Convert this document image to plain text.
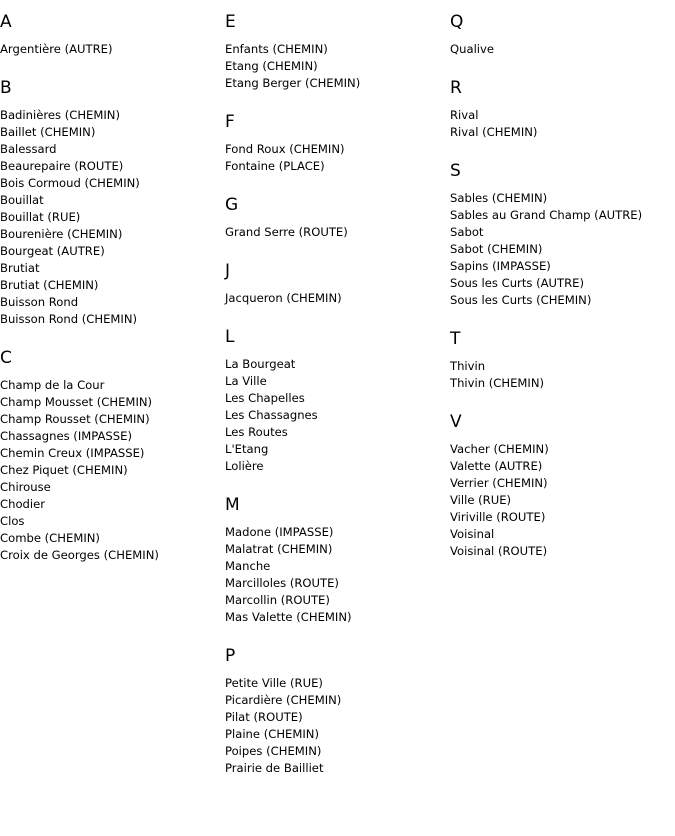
A
Argentière (AUTRE)
B
Badinières (CHEMIN)
Baillet (CHEMIN)
Balessard
Beaurepaire (ROUTE)
Bois Cormoud (CHEMIN)
Bouillat
Bouillat (RUE)
Bourenière (CHEMIN)
Bourgeat (AUTRE)
Brutiat
Brutiat (CHEMIN)
Buisson Rond
Buisson Rond (CHEMIN)
C
Champ de la Cour
Champ Mousset (CHEMIN)
Champ Rousset (CHEMIN)
Chassagnes (IMPASSE)
Chemin Creux (IMPASSE)
Chez Piquet (CHEMIN)
Chirouse
Chodier
Clos
Combe (CHEMIN)
Croix de Georges (CHEMIN)
E
Enfants (CHEMIN)
Etang (CHEMIN)
Etang Berger (CHEMIN)
F
Fond Roux (CHEMIN)
Fontaine (PLACE)
G
Grand Serre (ROUTE)
J
Jacqueron (CHEMIN)
L
La Bourgeat
La Ville
Les Chapelles
Les Chassagnes
Les Routes
L'Etang
Lolière
M
Madone (IMPASSE)
Malatrat (CHEMIN)
Manche
Marcilloles (ROUTE)
Marcollin (ROUTE)
Mas Valette (CHEMIN)
P
Petite Ville (RUE)
Picardière (CHEMIN)
Pilat (ROUTE)
Plaine (CHEMIN)
Poipes (CHEMIN)
Prairie de Bailliet
Q
Qualive
R
Rival
Rival (CHEMIN)
S
Sables (CHEMIN)
Sables au Grand Champ (AUTRE)
Sabot
Sabot (CHEMIN)
Sapins (IMPASSE)
Sous les Curts (AUTRE)
Sous les Curts (CHEMIN)
T
Thivin
Thivin (CHEMIN)
V
Vacher (CHEMIN)
Valette (AUTRE)
Verrier (CHEMIN)
Ville (RUE)
Viriville (ROUTE)
Voisinal
Voisinal (ROUTE)
